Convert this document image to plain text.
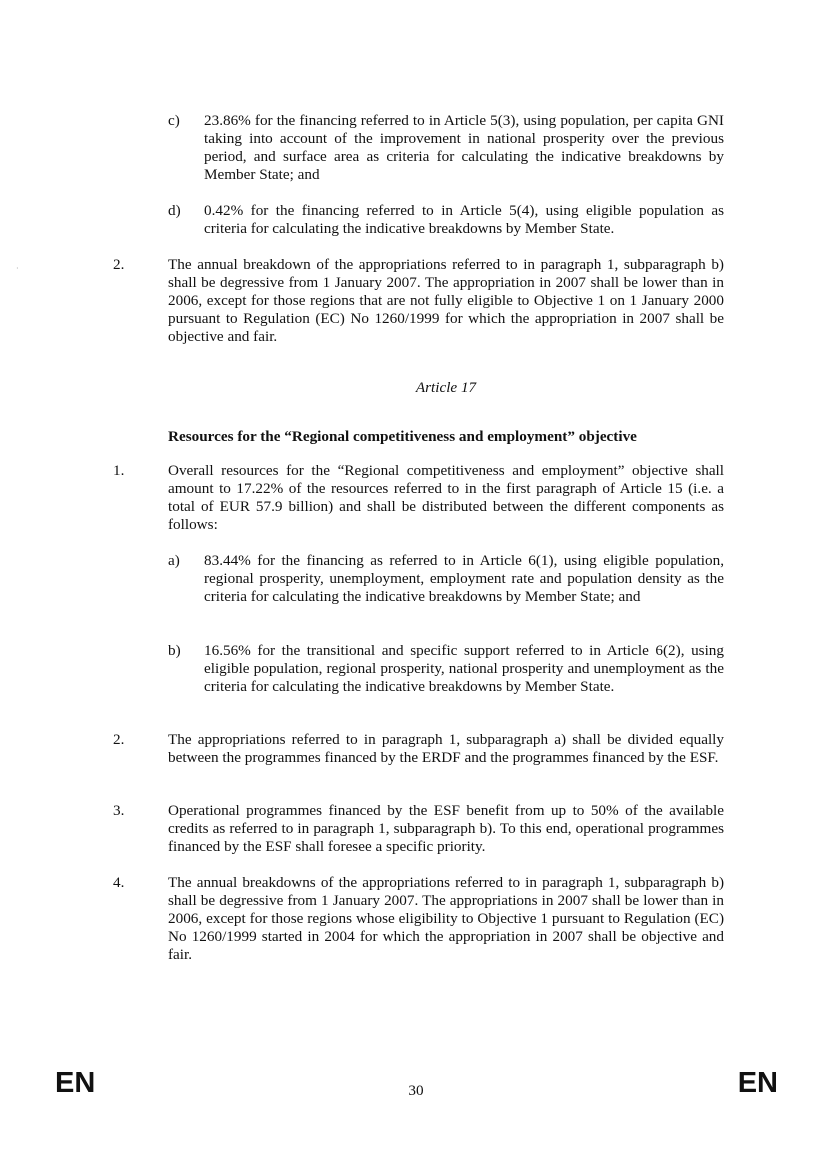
·
c) 23.86% for the financing referred to in Article 5(3), using population, per capita GNI taking into account of the improvement in national prosperity over the previous period, and surface area as criteria for calculating the indicative breakdowns by Member State; and

d) 0.42% for the financing referred to in Article 5(4), using eligible population as criteria for calculating the indicative breakdowns by Member State.

2.	The annual breakdown of the appropriations referred to in paragraph 1, subparagraph b) shall be degressive from 1 January 2007. The appropriation in 2007 shall be lower than in 2006, except for those regions that are not fully eligible to Objective 1 on 1 January 2000 pursuant to Regulation (EC) No 1260/1999 for which the appropriation in 2007 shall be objective and fair.

Article 17
Resources for the “Regional competitiveness and employment” objective
1.	Overall resources for the “Regional competitiveness and employment” objective shall amount to 17.22% of the resources referred to in the first paragraph of Article 15 (i.e. a total of EUR 57.9 billion) and shall be distributed between the different components as follows:

a) 83.44% for the financing as referred to in Article 6(1), using eligible population, regional prosperity, unemployment, employment rate and population density as the criteria for calculating the indicative breakdowns by Member State; and

b) 16.56% for the transitional and specific support referred to in Article 6(2), using eligible population, regional prosperity, national prosperity and unemployment as the criteria for calculating the indicative breakdowns by Member State.

2.	The appropriations referred to in paragraph 1, subparagraph a) shall be divided equally between the programmes financed by the ERDF and the programmes financed by the ESF.

3.	Operational programmes financed by the ESF benefit from up to 50% of the available credits as referred to in paragraph 1, subparagraph b). To this end, operational programmes financed by the ESF shall foresee a specific priority.

4.	The annual breakdowns of the appropriations referred to in paragraph 1, subparagraph b) shall be degressive from 1 January 2007. The appropriations in 2007 shall be lower than in 2006, except for those regions whose eligibility to Objective 1 pursuant to Regulation (EC) No 1260/1999 started in 2004 for which the appropriation in 2007 shall be objective and fair.

EN	30	EN
